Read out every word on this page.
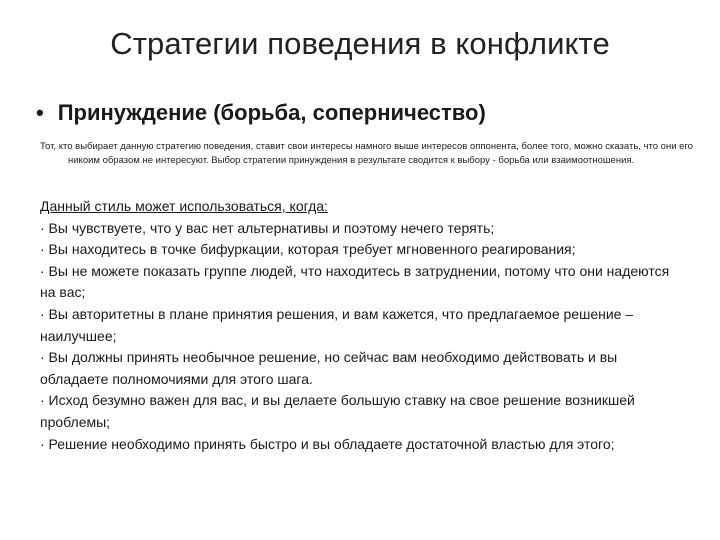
Стратегии поведения в конфликте
• Принуждение (борьба, соперничество)
Тот, кто выбирает данную стратегию поведения, ставит свои интересы намного выше интересов оппонента, более того, можно сказать, что они его никоим образом не интересуют. Выбор стратегии принуждения в результате сводится к выбору - борьба или взаимоотношения.
Данный стиль может использоваться, когда:
· Вы чувствуете, что у вас нет альтернативы и поэтому нечего терять;
· Вы находитесь в точке бифуркации, которая требует мгновенного реагирования;
· Вы не можете показать группе людей, что находитесь в затруднении, потому что они надеются на вас;
· Вы авторитетны в плане принятия решения, и вам кажется, что предлагаемое решение – наилучшее;
· Вы должны принять необычное решение, но сейчас вам необходимо действовать и вы обладаете полномочиями для этого шага.
· Исход безумно важен для вас, и вы делаете большую ставку на свое решение возникшей проблемы;
· Решение необходимо принять быстро и вы обладаете достаточной властью для этого;
